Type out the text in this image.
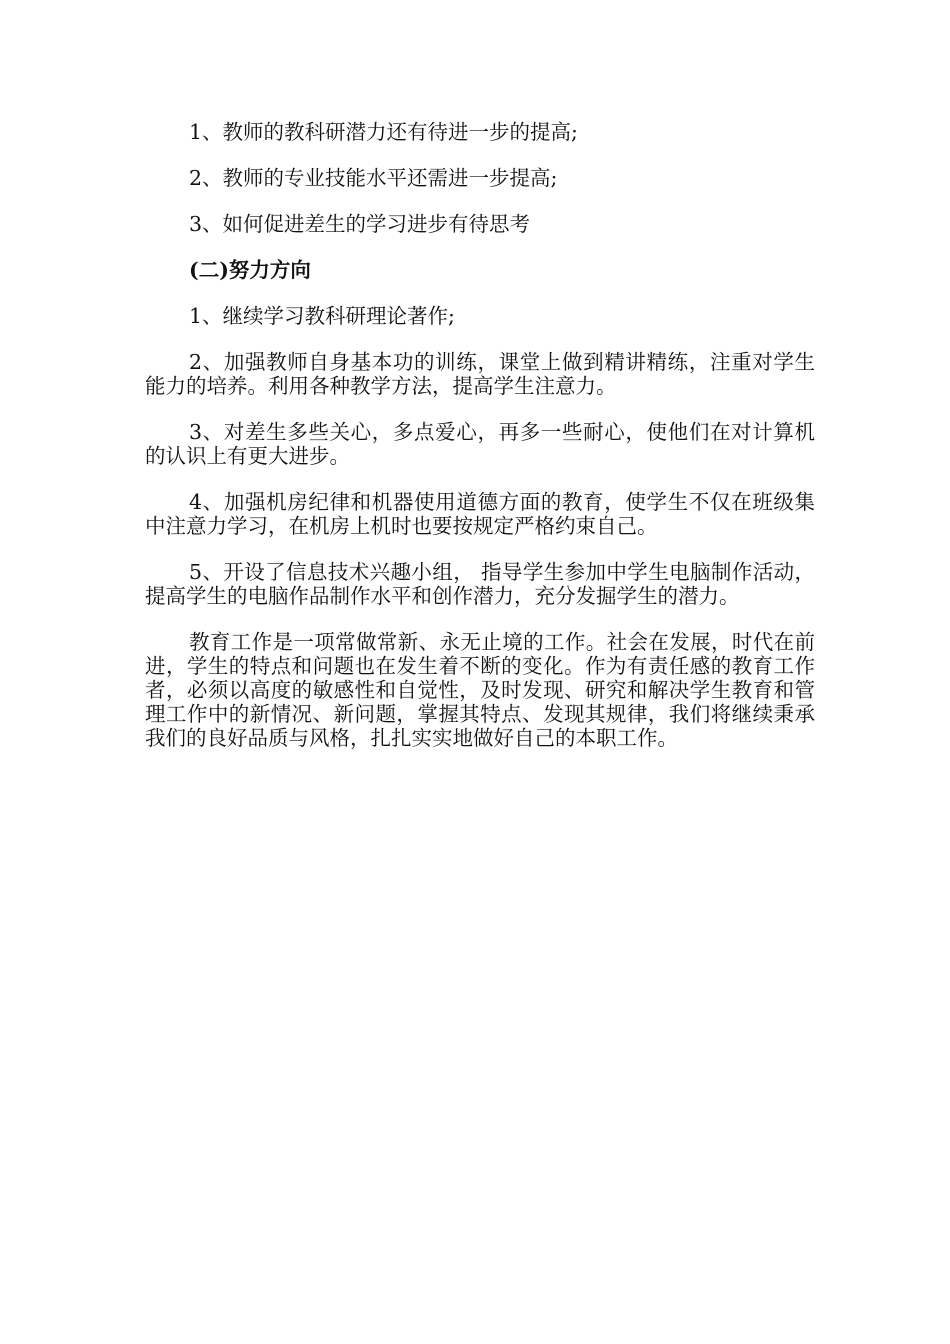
1、教师的教科研潜力还有待进一步的提高;

2、教师的专业技能水平还需进一步提高;

3、如何促进差生的学习进步有待思考

(二)努力方向

1、继续学习教科研理论著作;

2、加强教师自身基本功的训练，课堂上做到精讲精练，注重对学生能力的培养。利用各种教学方法，提高学生注意力。

3、对差生多些关心，多点爱心，再多一些耐心，使他们在对计算机的认识上有更大进步。

4、加强机房纪律和机器使用道德方面的教育，使学生不仅在班级集中注意力学习，在机房上机时也要按规定严格约束自己。

5、开设了信息技术兴趣小组， 指导学生参加中学生电脑制作活动，提高学生的电脑作品制作水平和创作潜力，充分发掘学生的潜力。

教育工作是一项常做常新、永无止境的工作。社会在发展，时代在前进，学生的特点和问题也在发生着不断的变化。作为有责任感的教育工作者，必须以高度的敏感性和自觉性，及时发现、研究和解决学生教育和管理工作中的新情况、新问题，掌握其特点、发现其规律，我们将继续秉承我们的良好品质与风格，扎扎实实地做好自己的本职工作。
